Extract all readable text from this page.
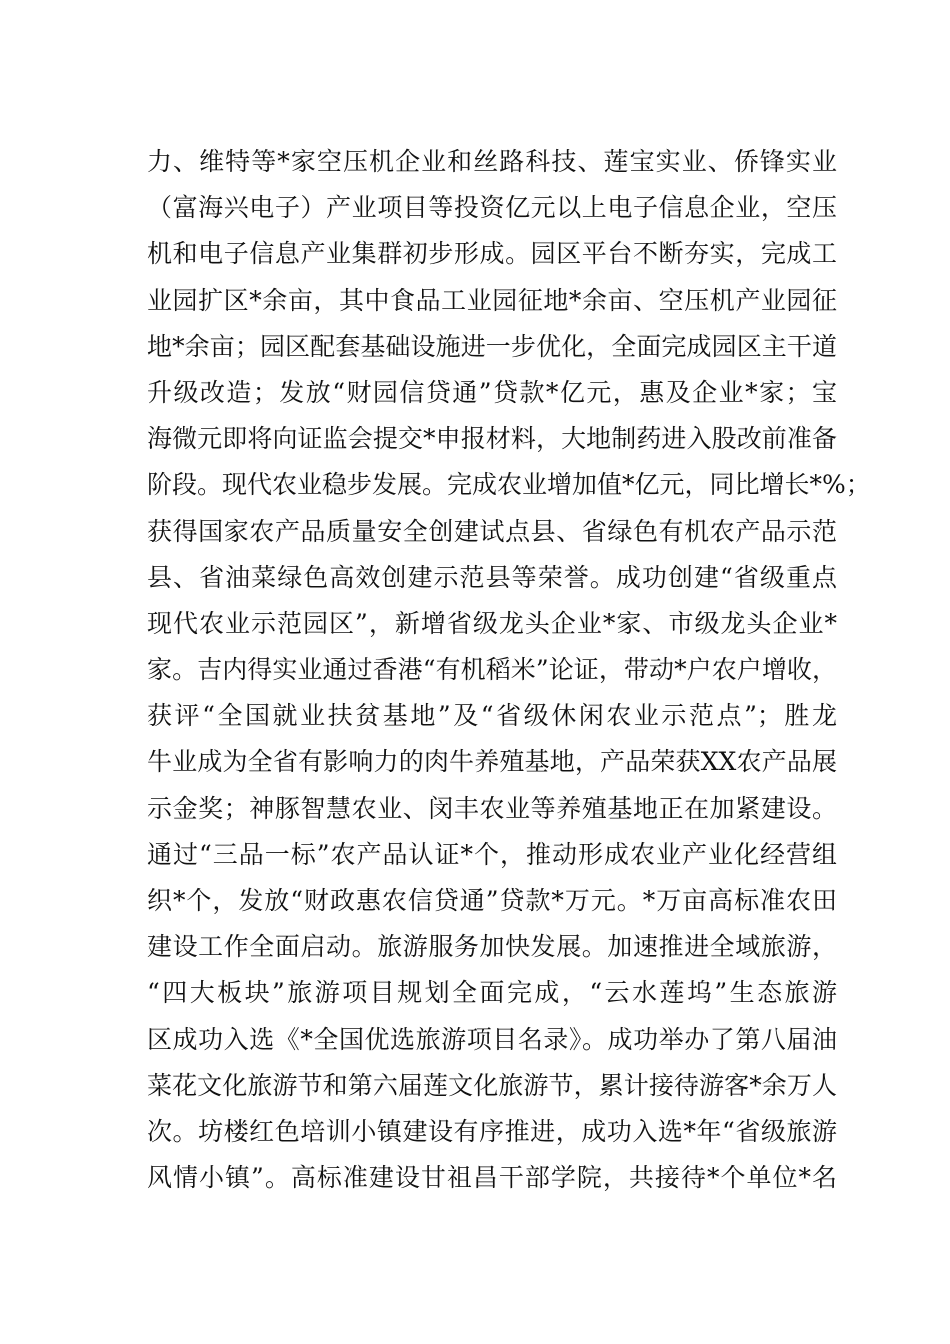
力、维特等*家空压机企业和丝路科技、莲宝实业、侨锋实业
（富海兴电子）产业项目等投资亿元以上电子信息企业，空压
机和电子信息产业集群初步形成。园区平台不断夯实，完成工
业园扩区*余亩，其中食品工业园征地*余亩、空压机产业园征
地*余亩；园区配套基础设施进一步优化，全面完成园区主干道
升级改造；发放“财园信贷通”贷款*亿元，惠及企业*家；宝
海微元即将向证监会提交*申报材料，大地制药进入股改前准备
阶段。现代农业稳步发展。完成农业增加值*亿元，同比增长*%；
获得国家农产品质量安全创建试点县、省绿色有机农产品示范
县、省油菜绿色高效创建示范县等荣誉。成功创建“省级重点
现代农业示范园区”，新增省级龙头企业*家、市级龙头企业*
家。吉内得实业通过香港“有机稻米”论证，带动*户农户增收，
获评“全国就业扶贫基地”及“省级休闲农业示范点”；胜龙
牛业成为全省有影响力的肉牛养殖基地，产品荣获XX农产品展
示金奖；神豚智慧农业、闵丰农业等养殖基地正在加紧建设。
通过“三品一标”农产品认证*个，推动形成农业产业化经营组
织*个，发放“财政惠农信贷通”贷款*万元。*万亩高标准农田
建设工作全面启动。旅游服务加快发展。加速推进全域旅游，
“四大板块”旅游项目规划全面完成，“云水莲坞”生态旅游
区成功入选《*全国优选旅游项目名录》。成功举办了第八届油
菜花文化旅游节和第六届莲文化旅游节，累计接待游客*余万人
次。坊楼红色培训小镇建设有序推进，成功入选*年“省级旅游
风情小镇”。高标准建设甘祖昌干部学院，共接待*个单位*名
